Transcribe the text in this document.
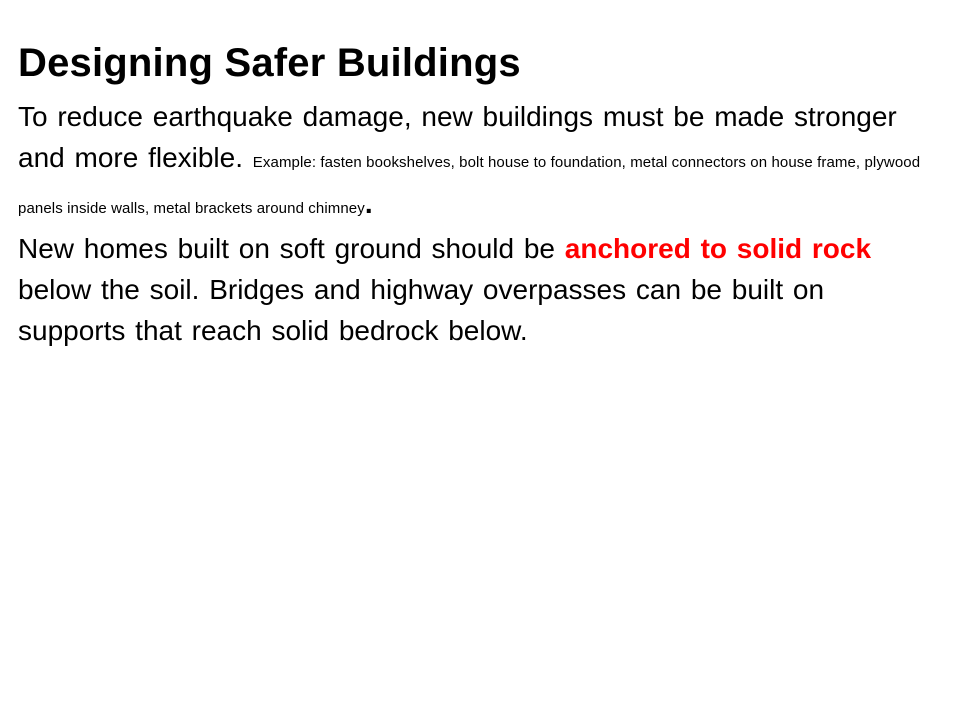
Designing Safer Buildings

To reduce earthquake damage, new buildings must be made stronger and more flexible. Example: fasten bookshelves, bolt house to foundation, metal connectors on house frame, plywood panels inside walls, metal brackets around chimney.

New homes built on soft ground should be anchored to solid rock below the soil. Bridges and highway overpasses can be built on supports that reach solid bedrock below.
